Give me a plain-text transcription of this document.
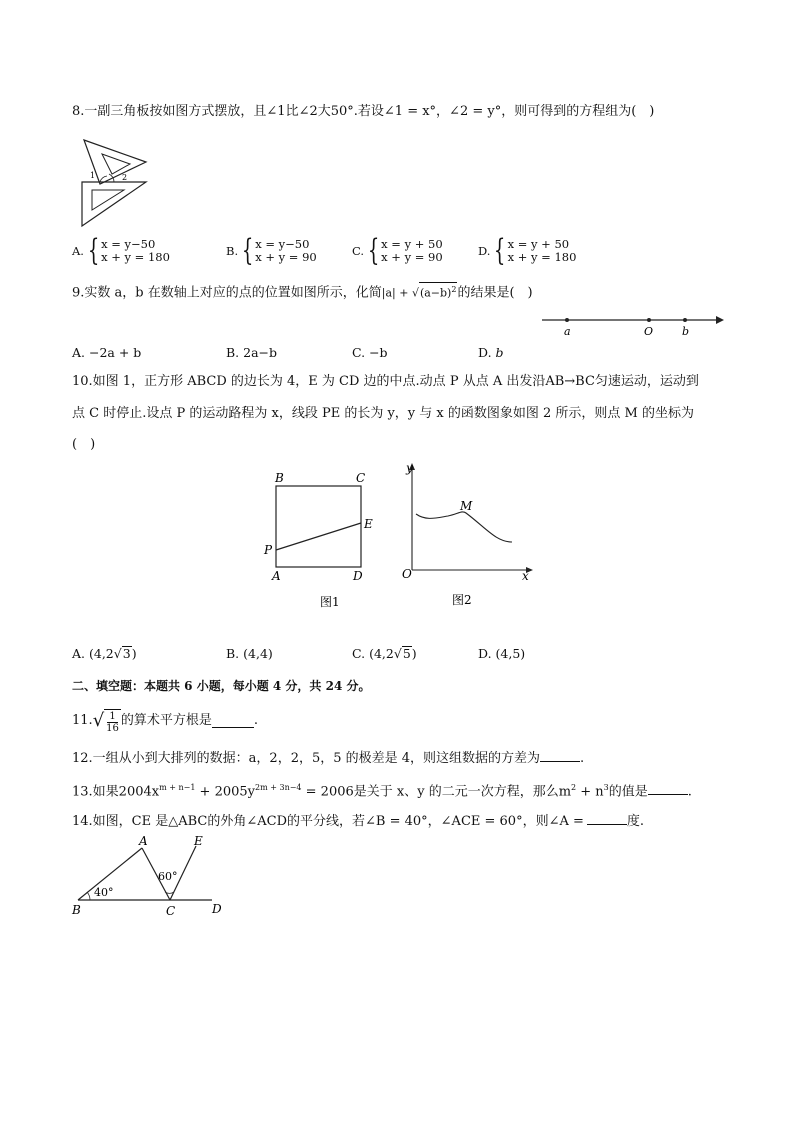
8.一副三角板按如图方式摆放，且∠1比∠2大50°.若设∠1 = x°，∠2 = y°，则可得到的方程组为(　)
1	2
A. { x = y−50
x + y = 180	B. { x = y−50
x + y = 90	C. { x = y + 50
x + y = 90	D. { x = y + 50
x + y = 180
9.实数 a，b 在数轴上对应的点的位置如图所示，化简$|a| + √(a-b)^2$的结果是(　)
a	O	b
A. −2a + b	B. 2a−b	C. −b	D. b
10.如图 1，正方形 ABCD 的边长为 4，E 为 CD 边的中点.动点 P 从点 A 出发沿AB→BC匀速运动，运动到
点 C 时停止.设点 P 的运动路程为 x，线段 PE 的长为 y，y 与 x 的函数图象如图 2 所示，则点 M 的坐标为
(　)
B	C
E
P
A	D
图1
y
M
O	x
图2
A. (4,2√3)	B. (4,4)	C. (4,2√5)	D. (4,5)
二、填空题：本题共 6 小题，每小题 4 分，共 24 分。
11. √ $\frac{1}{16}$ 的算术平方根是	.
12.一组从小到大排列的数据：a，2，2，5，5 的极差是 4，则这组数据的方差为	.
13.如果$2004x^{m + n-1} + 2005y^{2m + 3n-4} = 2006$是关于 x、y 的二元一次方程，那么$m^2 + n^3$的值是	.
14.如图，CE 是△ABC的外角∠ACD的平分线，若∠B = 40°，∠ACE = 60°，则∠A =	度.
A	E
B	C	D
40°
60°
